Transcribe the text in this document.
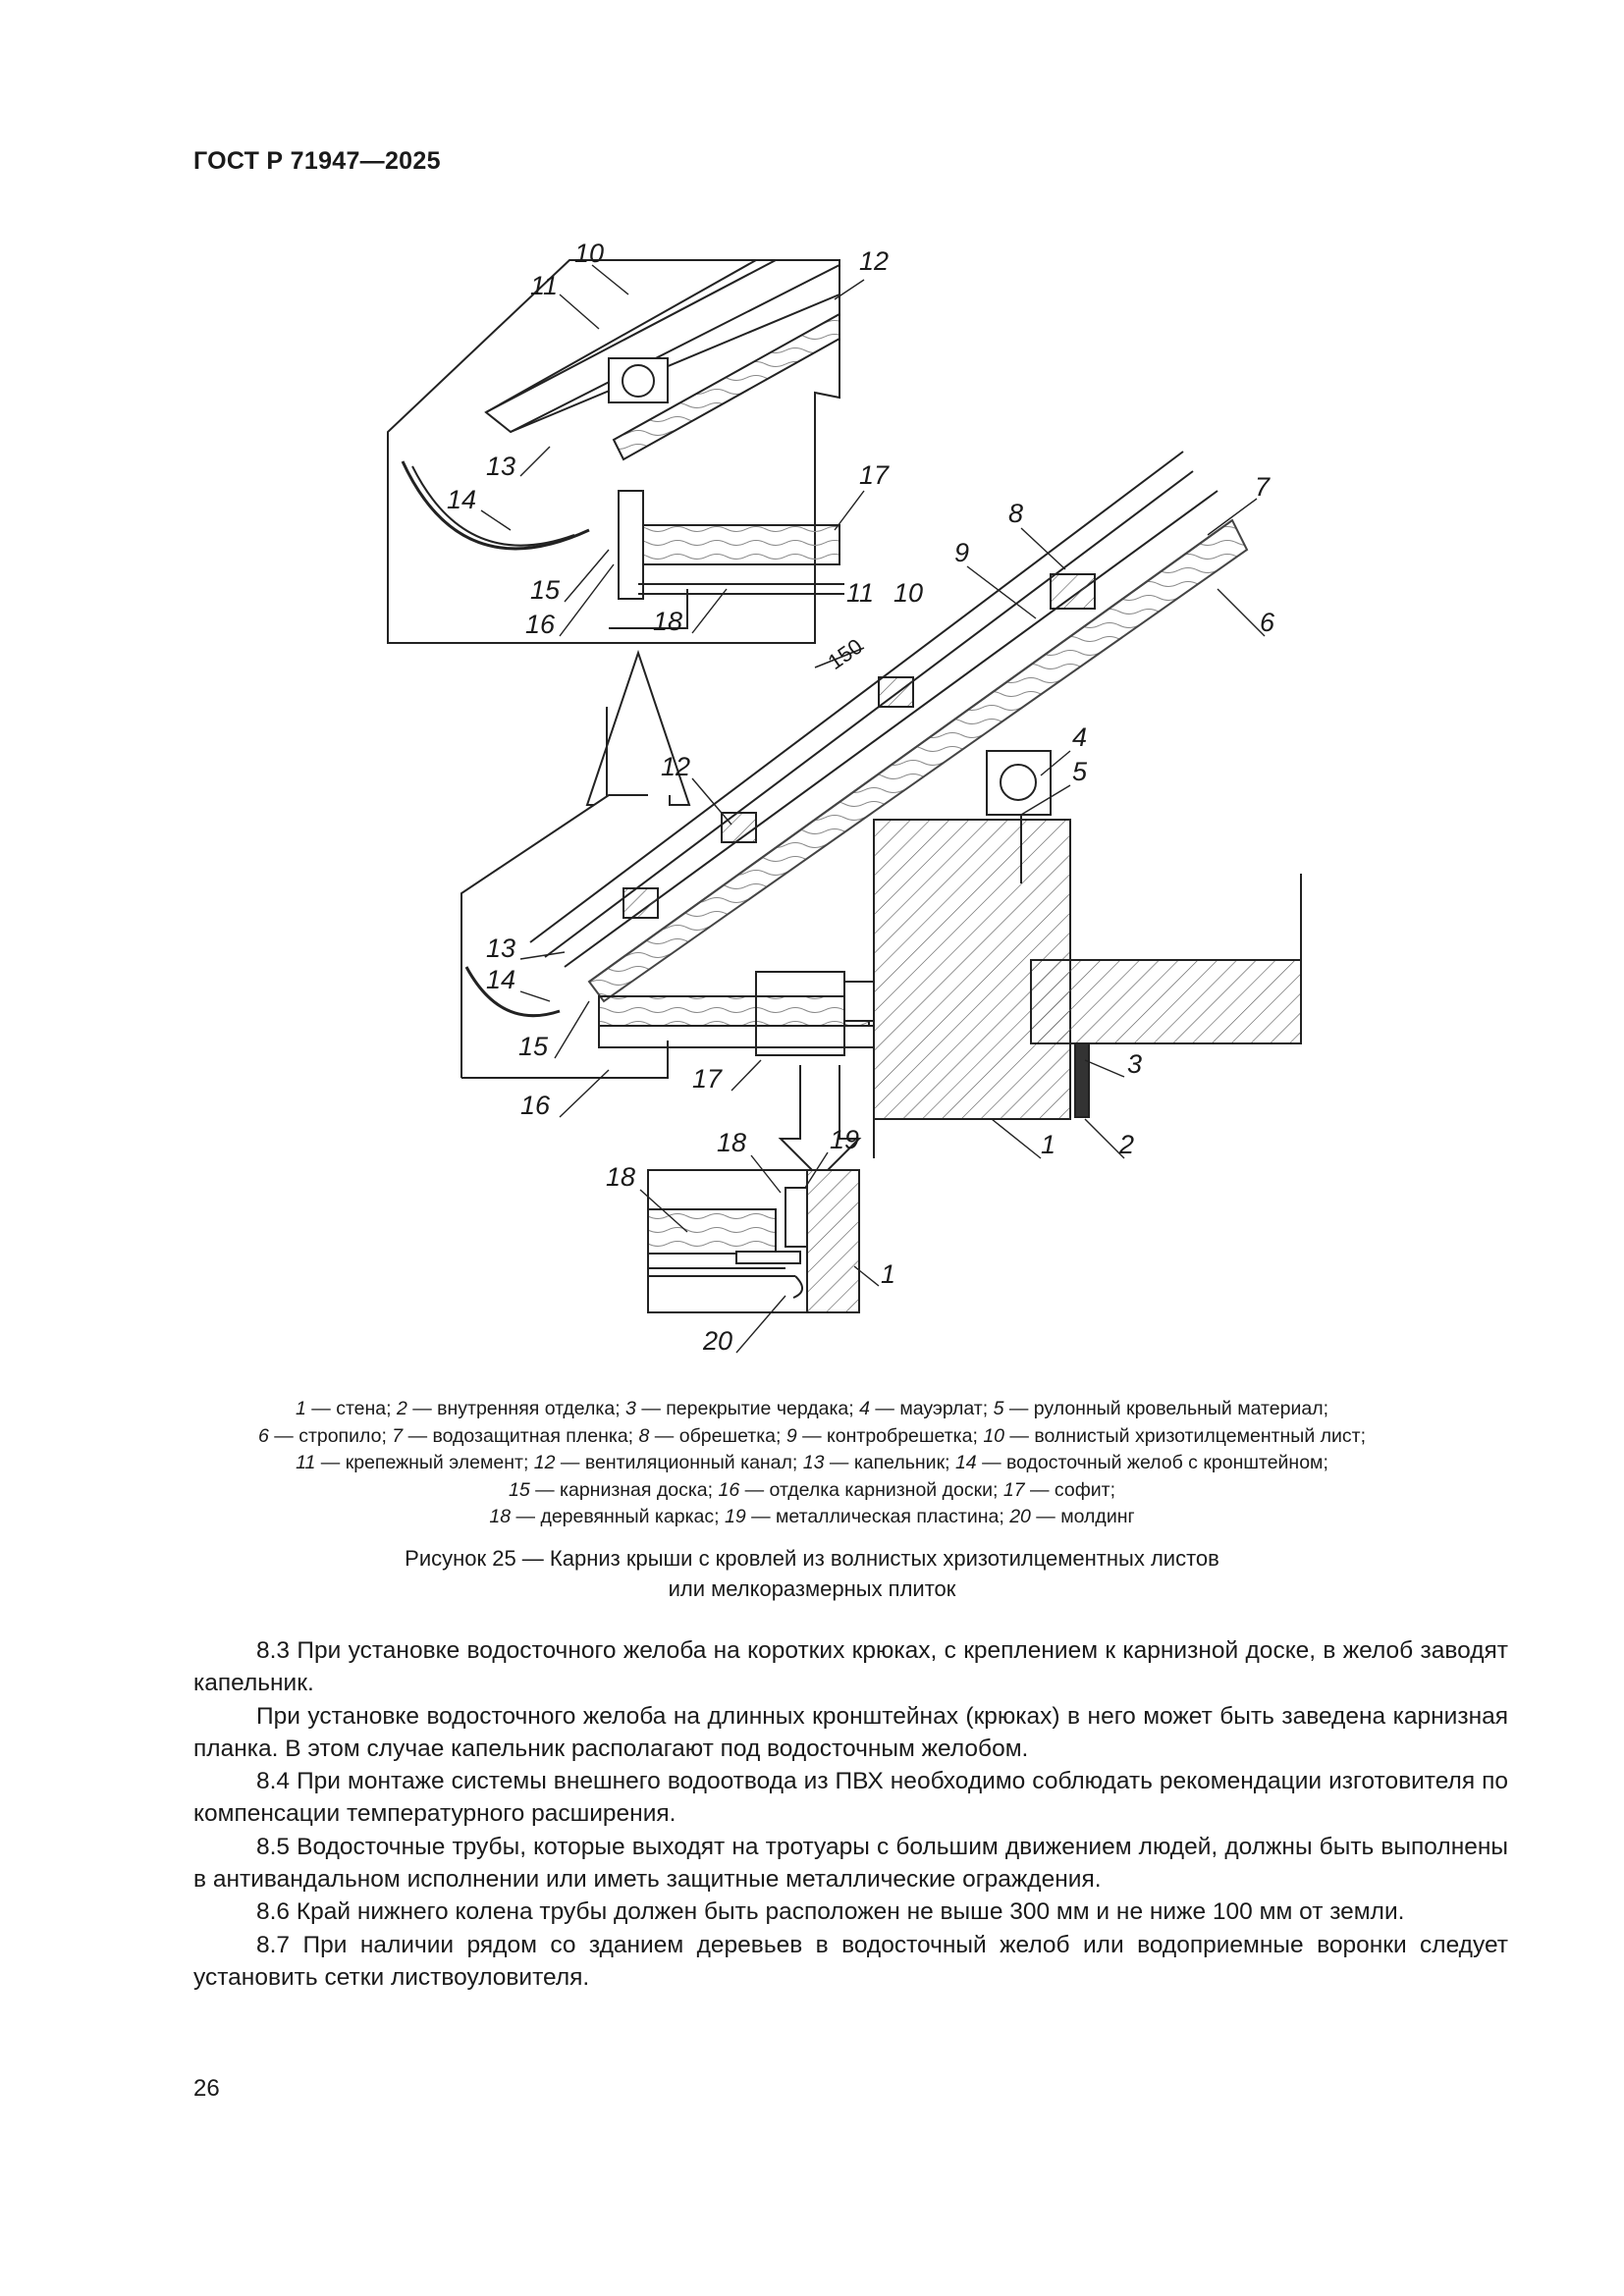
ГОСТ Р 71947—2025
10
11
12
13
14
17
15
16	18
12
13
14
15
16
17
7
8
9
11 10
6
4
5
3
1 2
18	19
18
1
20
150
1 — стена; 2 — внутренняя отделка; 3 — перекрытие чердака; 4 — мауэрлат; 5 — рулонный кровельный материал;
6 — стропило; 7 — водозащитная пленка; 8 — обрешетка; 9 — контробрешетка; 10 — волнистый хризотилцементный лист;
11 — крепежный элемент; 12 — вентиляционный канал; 13 — капельник; 14 — водосточный желоб с кронштейном;
15 — карнизная доска; 16 — отделка карнизной доски; 17 — софит;
18 — деревянный каркас; 19 — металлическая пластина; 20 — молдинг
Рисунок 25 — Карниз крыши с кровлей из волнистых хризотилцементных листов
или мелкоразмерных плиток

8.3 При установке водосточного желоба на коротких крюках, с креплением к карнизной доске, в желоб заводят капельник.

При установке водосточного желоба на длинных кронштейнах (крюках) в него может быть заведена карнизная планка. В этом случае капельник располагают под водосточным желобом.

8.4 При монтаже системы внешнего водоотвода из ПВХ необходимо соблюдать рекомендации изготовителя по компенсации температурного расширения.

8.5 Водосточные трубы, которые выходят на тротуары с большим движением людей, должны быть выполнены в антивандальном исполнении или иметь защитные металлические ограждения.

8.6 Край нижнего колена трубы должен быть расположен не выше 300 мм и не ниже 100 мм от земли.

8.7 При наличии рядом со зданием деревьев в водосточный желоб или водоприемные воронки следует установить сетки листвоуловителя.

26
